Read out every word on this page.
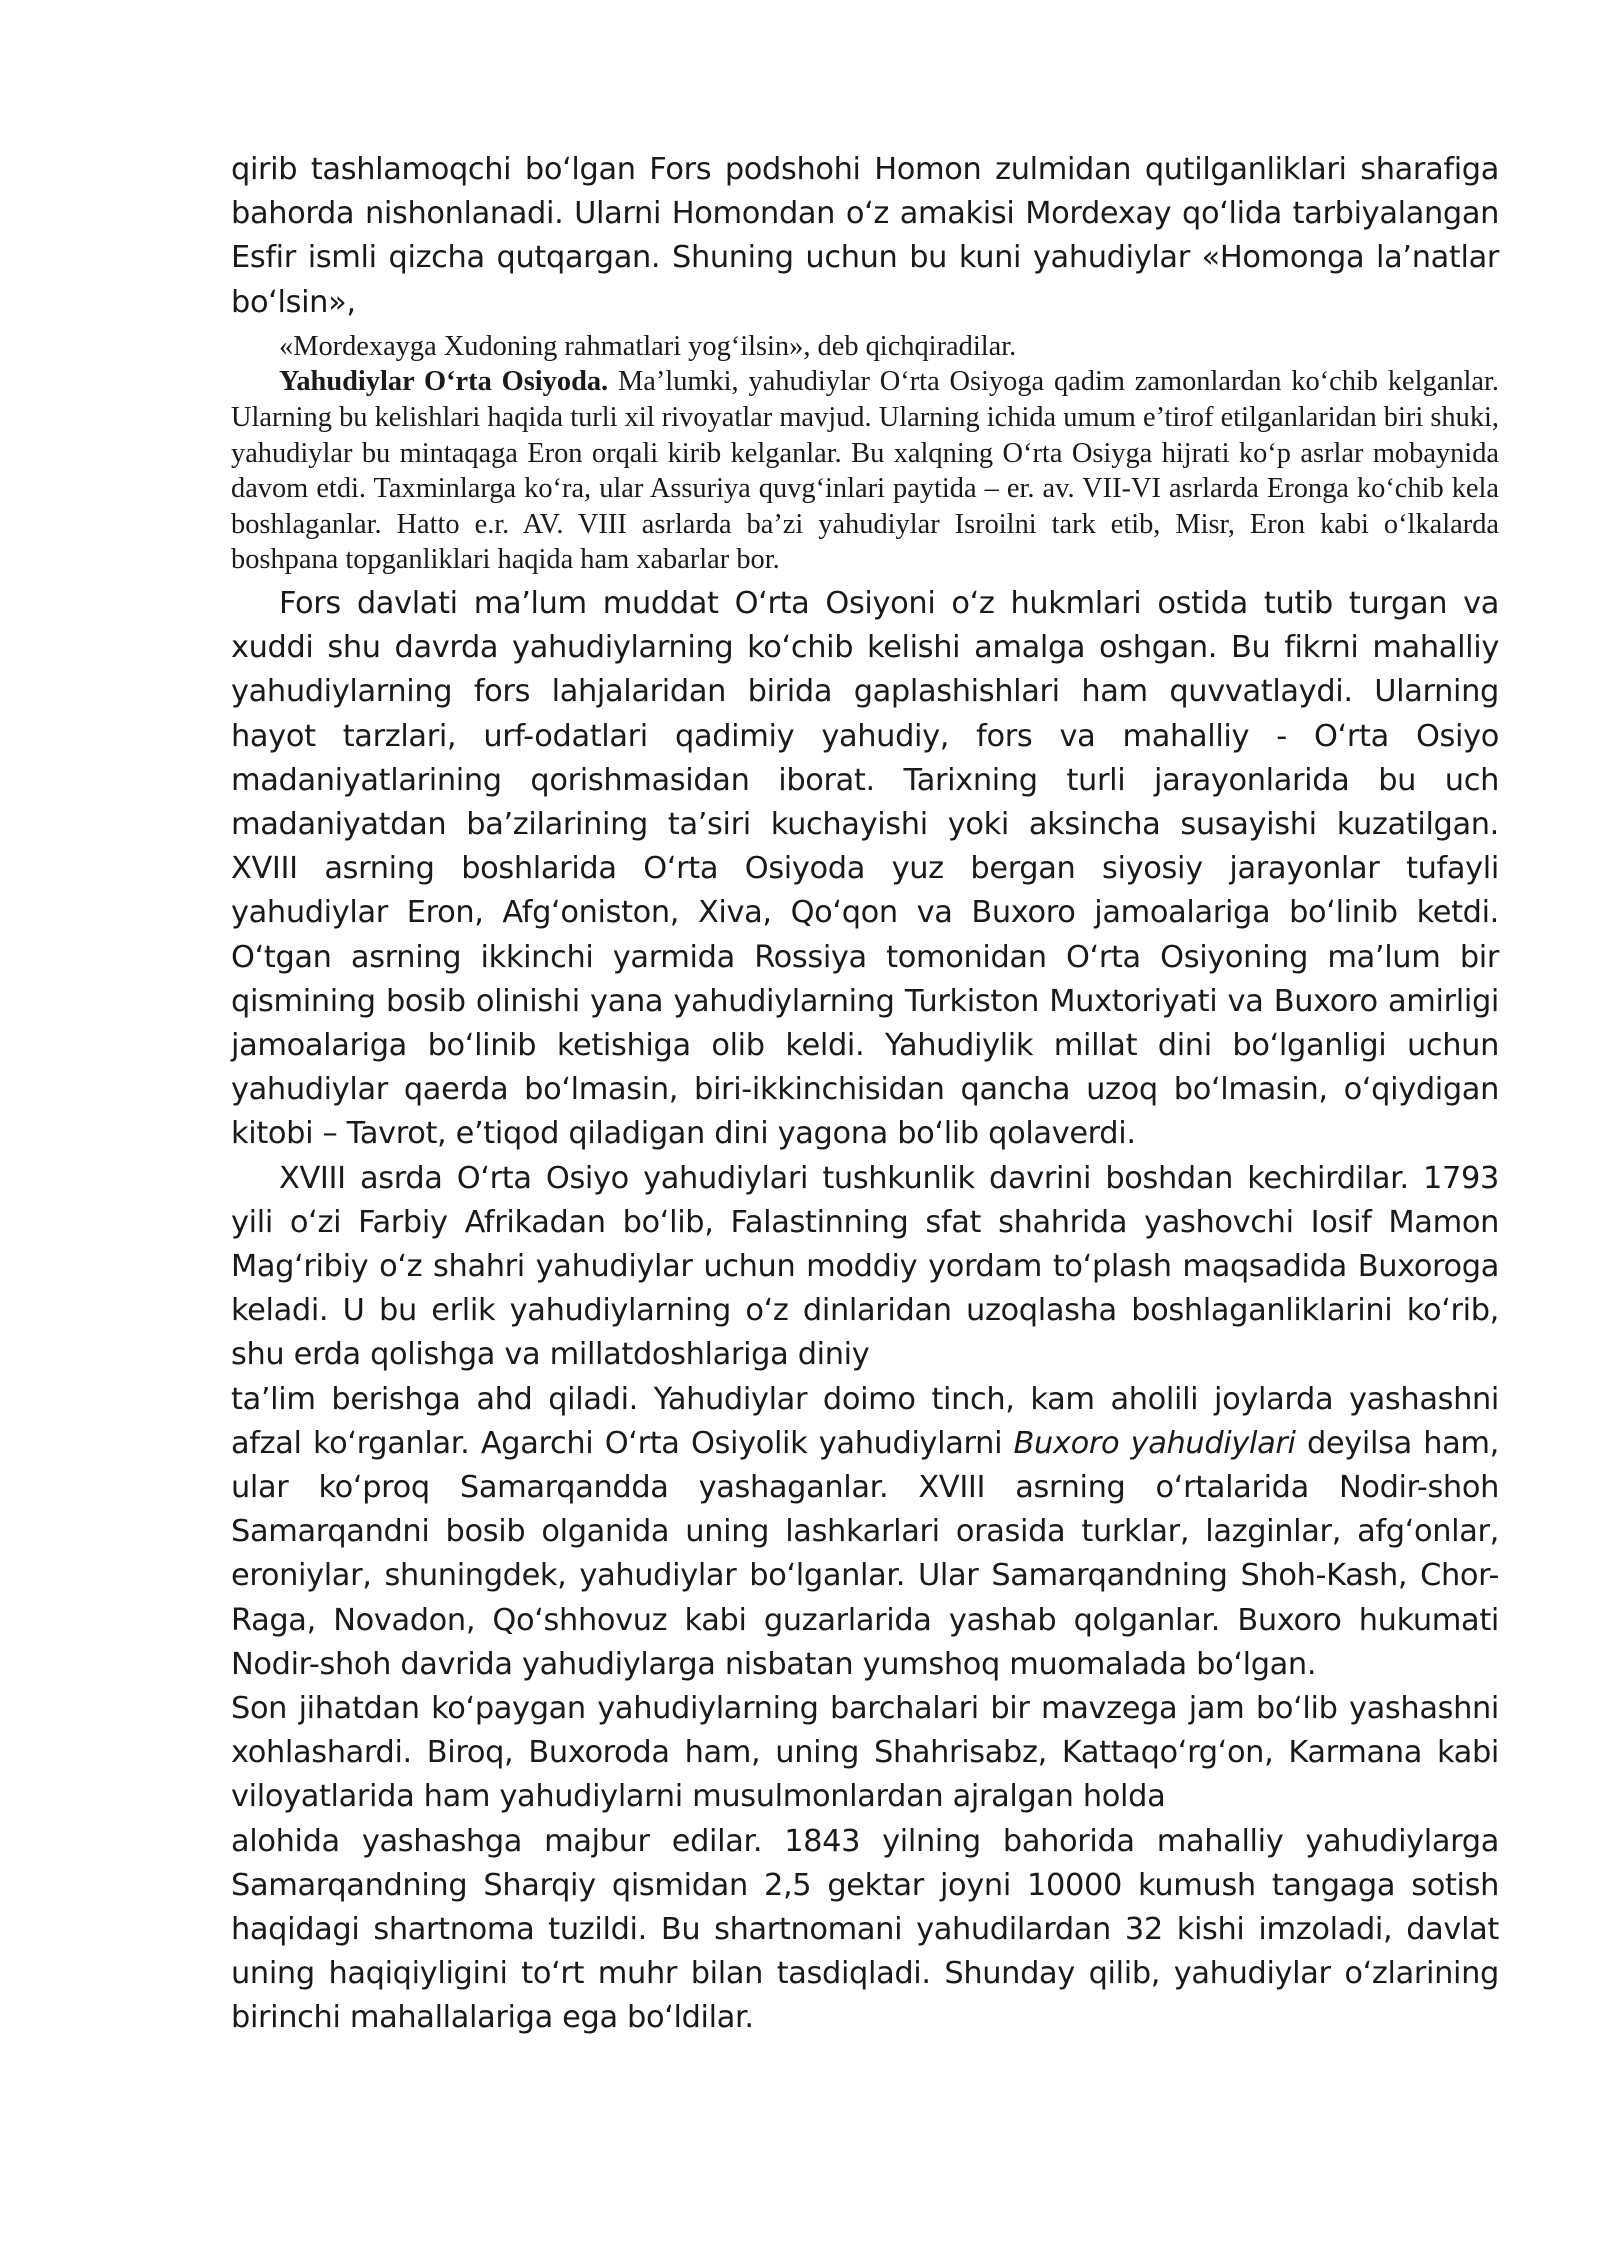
qirib tashlamoqchi boʻlgan Fors podshohi Homon zulmidan qutilganliklari sharafiga bahorda nishonlanadi. Ularni Homondan oʻz amakisi Mordexay qoʻlida tarbiyalangan Esfir ismli qizcha qutqargan. Shuning uchun bu kuni yahudiylar «Homonga laʼnatlar boʻlsin»,

«Mordexayga Xudoning rahmatlari yog‘ilsin», deb qichqiradilar.

Yahudiylar O‘rta Osiyoda. Ma’lumki, yahudiylar O‘rta Osiyoga qadim zamonlardan ko‘chib kelganlar. Ularning bu kelishlari haqida turli xil rivoyatlar mavjud. Ularning ichida umum e’tirof etilganlaridan biri shuki, yahudiylar bu mintaqaga Eron orqali kirib kelganlar. Bu xalqning O‘rta Osiyga hijrati ko‘p asrlar mobaynida davom etdi. Taxminlarga ko‘ra, ular Assuriya quvg‘inlari paytida – er. av. VII-VI asrlarda Eronga ko‘chib kela boshlaganlar. Hatto e.r. AV. VIII asrlarda ba’zi yahudiylar Isroilni tark etib, Misr, Eron kabi o‘lkalarda boshpana topganliklari haqida ham xabarlar bor.

Fors davlati maʼlum muddat Oʻrta Osiyoni oʻz hukmlari ostida tutib turgan va xuddi shu davrda yahudiylarning koʻchib kelishi amalga oshgan. Bu fikrni mahalliy yahudiylarning fors lahjalaridan birida gaplashishlari ham quvvatlaydi. Ularning hayot tarzlari, urf-odatlari qadimiy yahudiy, fors va mahalliy - Oʻrta Osiyo madaniyatlarining qorishmasidan iborat. Tarixning turli jarayonlarida bu uch madaniyatdan baʼzilarining taʼsiri kuchayishi yoki aksincha susayishi kuzatilgan. XVIII asrning boshlarida Oʻrta Osiyoda yuz bergan siyosiy jarayonlar tufayli yahudiylar Eron, Afgʻoniston, Xiva, Qoʻqon va Buxoro jamoalariga boʻlinib ketdi. Oʻtgan asrning ikkinchi yarmida Rossiya tomonidan Oʻrta Osiyoning maʼlum bir qismining bosib olinishi yana yahudiylarning Turkiston Muxtoriyati va Buxoro amirligi jamoalariga boʻlinib ketishiga olib keldi. Yahudiylik millat dini boʻlganligi uchun yahudiylar qaerda boʻlmasin, biri-ikkinchisidan qancha uzoq boʻlmasin, oʻqiydigan kitobi – Tavrot, eʼtiqod qiladigan dini yagona boʻlib qolaverdi.

XVIII asrda Oʻrta Osiyo yahudiylari tushkunlik davrini boshdan kechirdilar. 1793 yili oʻzi Farbiy Afrikadan boʻlib, Falastinning sfat shahrida yashovchi Iosif Mamon Magʻribiy oʻz shahri yahudiylar uchun moddiy yordam toʻplash maqsadida Buxoroga keladi. U bu erlik yahudiylarning oʻz dinlaridan uzoqlasha boshlaganliklarini koʻrib, shu erda qolishga va millatdoshlariga diniy

taʼlim berishga ahd qiladi. Yahudiylar doimo tinch, kam aholili joylarda yashashni afzal koʻrganlar. Agarchi Oʻrta Osiyolik yahudiylarni Buxoro yahudiylari deyilsa ham, ular koʻproq Samarqandda yashaganlar. XVIII asrning oʻrtalarida Nodir-shoh Samarqandni bosib olganida uning lashkarlari orasida turklar, lazginlar, afgʻonlar, eroniylar, shuningdek, yahudiylar boʻlganlar. Ular Samarqandning Shoh-Kash, Chor-Raga, Novadon, Qoʻshhovuz kabi guzarlarida yashab qolganlar. Buxoro hukumati Nodir-shoh davrida yahudiylarga nisbatan yumshoq muomalada boʻlgan.

Son jihatdan koʻpaygan yahudiylarning barchalari bir mavzega jam boʻlib yashashni xohlashardi. Biroq, Buxoroda ham, uning Shahrisabz, Kattaqoʻrgʻon, Karmana kabi viloyatlarida ham yahudiylarni musulmonlardan ajralgan holda

alohida yashashga majbur edilar. 1843 yilning bahorida mahalliy yahudiylarga Samarqandning Sharqiy qismidan 2,5 gektar joyni 10000 kumush tangaga sotish haqidagi shartnoma tuzildi. Bu shartnomani yahudilardan 32 kishi imzoladi, davlat uning haqiqiyligini toʻrt muhr bilan tasdiqladi. Shunday qilib, yahudiylar oʻzlarining birinchi mahallalariga ega boʻldilar.
